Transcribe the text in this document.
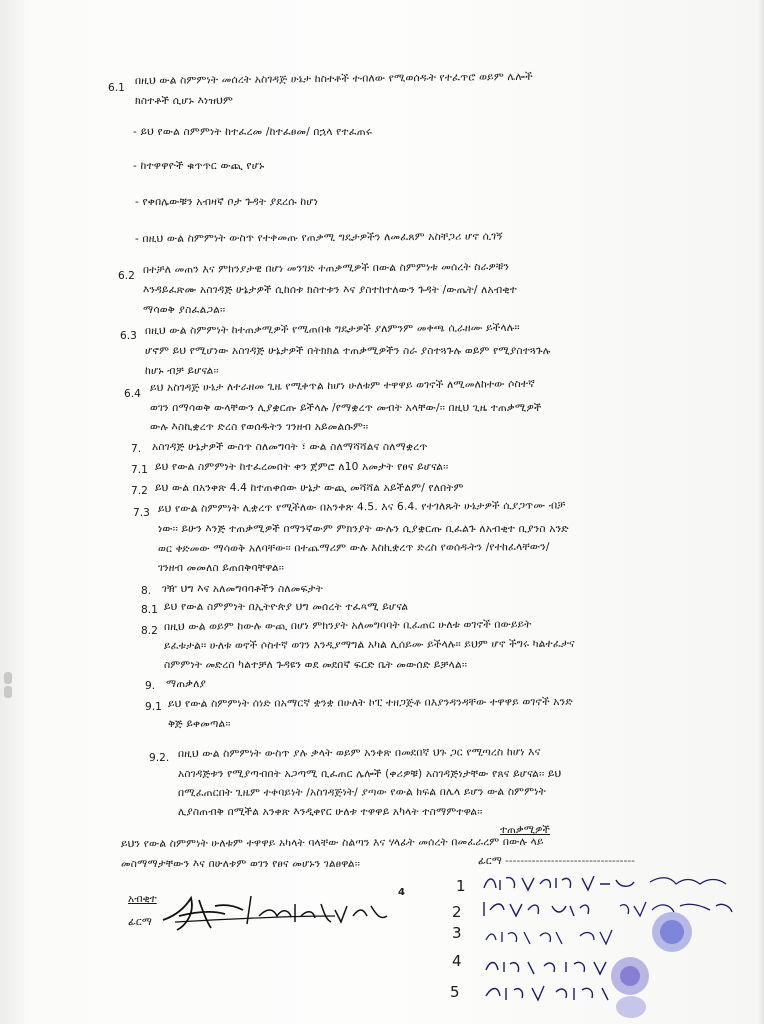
6.1
በዚህ ውል ስምምነት መሰረት አስገዳጅ ሁኔታ ከስተቶች ተብለው የሚወሰዱት የተፈጥሮ ወይም ሌሎች
ክስተቶች ሲሆኑ እነዝህም
- ይህ የውል ስምምነት ከተፈረመ /ከተፈፀመ/ በኋላ የተፈጠሩ
- ከተዋዋዮች ቁጥጥር ውጪ የሆኑ
- የቀበሌውቹን አብዛኛ ቦታ ጉዳት ያደረሱ ከሆነ
- በዚህ ውል ስምምነት ውስጥ የተቀመጡ የጠቃሚ ግዴታዎችን ለመፈጸም አስቸጋሪ ሆኖ ሲገኝ
6.2
በተቻለ መጠን እና ምክንያታዊ በሆነ መንገድ ተጠቃሚዎች በውል ስምምነቱ መሰረት ስራዎቹን
እንዳይፈጽሙ አስገዳጅ ሁኔታዎች ሲከሰቱ ክስተቱን እና ያስተከተለውን ጉዳት /ውጤት/ ለአብቂተ
ማሳወቅ ያስፈልጋል፡፡
6.3 በዚህ ውል ስምምነት ከተጠቃሚዎች የሚጠበቁ ግዴታዎች ያለምንም መቀጫ ሲራዘሙ ይችላሉ፡፡
ሆኖም ይህ የሚሆነው አስገዳጅ ሁኔታዎች በትክክል ተጠቃሚዎችን ስራ ያስተጓጉሉ ወይም የሚያስተጓጉሉ
ከሆኑ ብቻ ይሆናል፡፡
6.4
ይህ አስገዳጅ ሁኔታ ለተራዘመ ጊዜ የሚቀጥል ከሆነ ሁለቱም ተዋዋይ ወገኖች ለሚመለከተው ሶስተኛ
ወገን በማሳወቅ ውላቸውን ሊያቋርጡ ይችላሉ /የማቋረጥ መብት አላቸው/፡፡ በዚህ ጊዜ ተጠቃሚዎች
ውሉ እስኪቋረጥ ድረስ የወሰዱትን ገንዘብ አይመልሱም፡፡
7. አስገዳጅ ሁኔታዎች ውስጥ ስለመግባት ፣ ውል ስለማሻሻልና ስለማቋረጥ
7.1 ይህ የውል ስምምነት ከተፈረመበት ቀን ጀምሮ ለ10 አመታት የፀና ይሆናል፡፡
7.2 ይህ ውል በአንቀጽ 4.4 ከተጠቀሰው ሁኔታ ውጪ መሻሻል አይችልም/ የለበትም
7.3 ይህ የውል ስምምነት ሊቋረጥ የሚችለው በአንቀጽ 4.5. እና 6.4. የተገለጹት ሁኔታዎች ሲያጋጥሙ ብቻ
ነው፡፡ ይሁን እንጅ ተጠቃሚዎች በማንኛውም ምክንያት ውሉን ሲያቋርጡ ቢፈልጉ ለአብቂተ ቢያንስ አንድ
ወር ቀድመው ማሳወቅ አለባቸው፡፡ በተጨማሪም ውሉ እስኪቋረጥ ድረስ የወሰዱትን /የተከፈላቸውን/
ገንዘብ መመለስ ይጠበቅባቸዋል፡፡
8. ገዥ ህግ እና አለመግባባቶችን ስለመፍታት
8.1 ይህ የውል ስምምነት በኢትዮጵያ ህግ መሰረት ተፈጻሚ ይሆናል
8.2 በዚህ ውል ወይም ከውሉ ውጪ በሆነ ምክንያት አለመግባባት ቢፈጠር ሁለቱ ወገኖች በውይይት
ይፈቱታል፡፡ ሁለቱ ወኖች ሶስተኛ ወገን እንዲያማግል አካል ሊሰይሙ ይችላሉ፡፡ ይህም ሆኖ ችግሩ ካልተፈታና
ስምምነት መድረስ ካልተቻለ ጉዳዩን ወደ መደበኛ ፍርድ ቤት መውሰድ ይቻላል፡፡
9. ማጠቃለያ
9.1 ይህ የውል ስምምነት ሰነድ በአማርኛ ቋንቋ በሁለት ኮፒ ተዘጋጅቶ በእያንዳንዳቸው ተዋዋይ ወገኖች አንድ
ቅጅ ይቀመጣል፡፡
9.2. በዚህ ውል ስምምነት ውስጥ ያሉ ቃላት ወይም አንቀጽ በመደበኛ ህጉ ጋር የሚጣረስ ከሆነ እና
አስገዳጅቱን የሚያጣብበት አጋጣሚ ቢፈጠር ሌሎች (ቀሪዎቹ) አስገዳጅነታቸው የጸና ይሆናል፡፡ ይህ
በሚፈጠርበት ጊዜም ተቀባይነት /አስገዳጅነት/ ያጣው የውል ክፍል በሌላ ይሆን ውል ስምምነት
ሊያስጠብቅ በሚችል አንቀጽ እንዲቀየር ሁለቱ ተዋዋይ አካላት ተስማምተዋል፡፡
ይህን የውል ስምምነት ሁለቱም ተዋዋይ አካላት ባላቸው ስልጣን እና ሃላፊት መሰረት በመፈራረም በውሉ ላይ
መስማማታቸውን እና በሁለቱም ወገን የፀና መሆኑን ገልፀዋል፡፡
አብቂተ
ፊርማ
4
ተጠቃሚዎች
ፊርማ ----------------------------------
1
2
3
4
5
